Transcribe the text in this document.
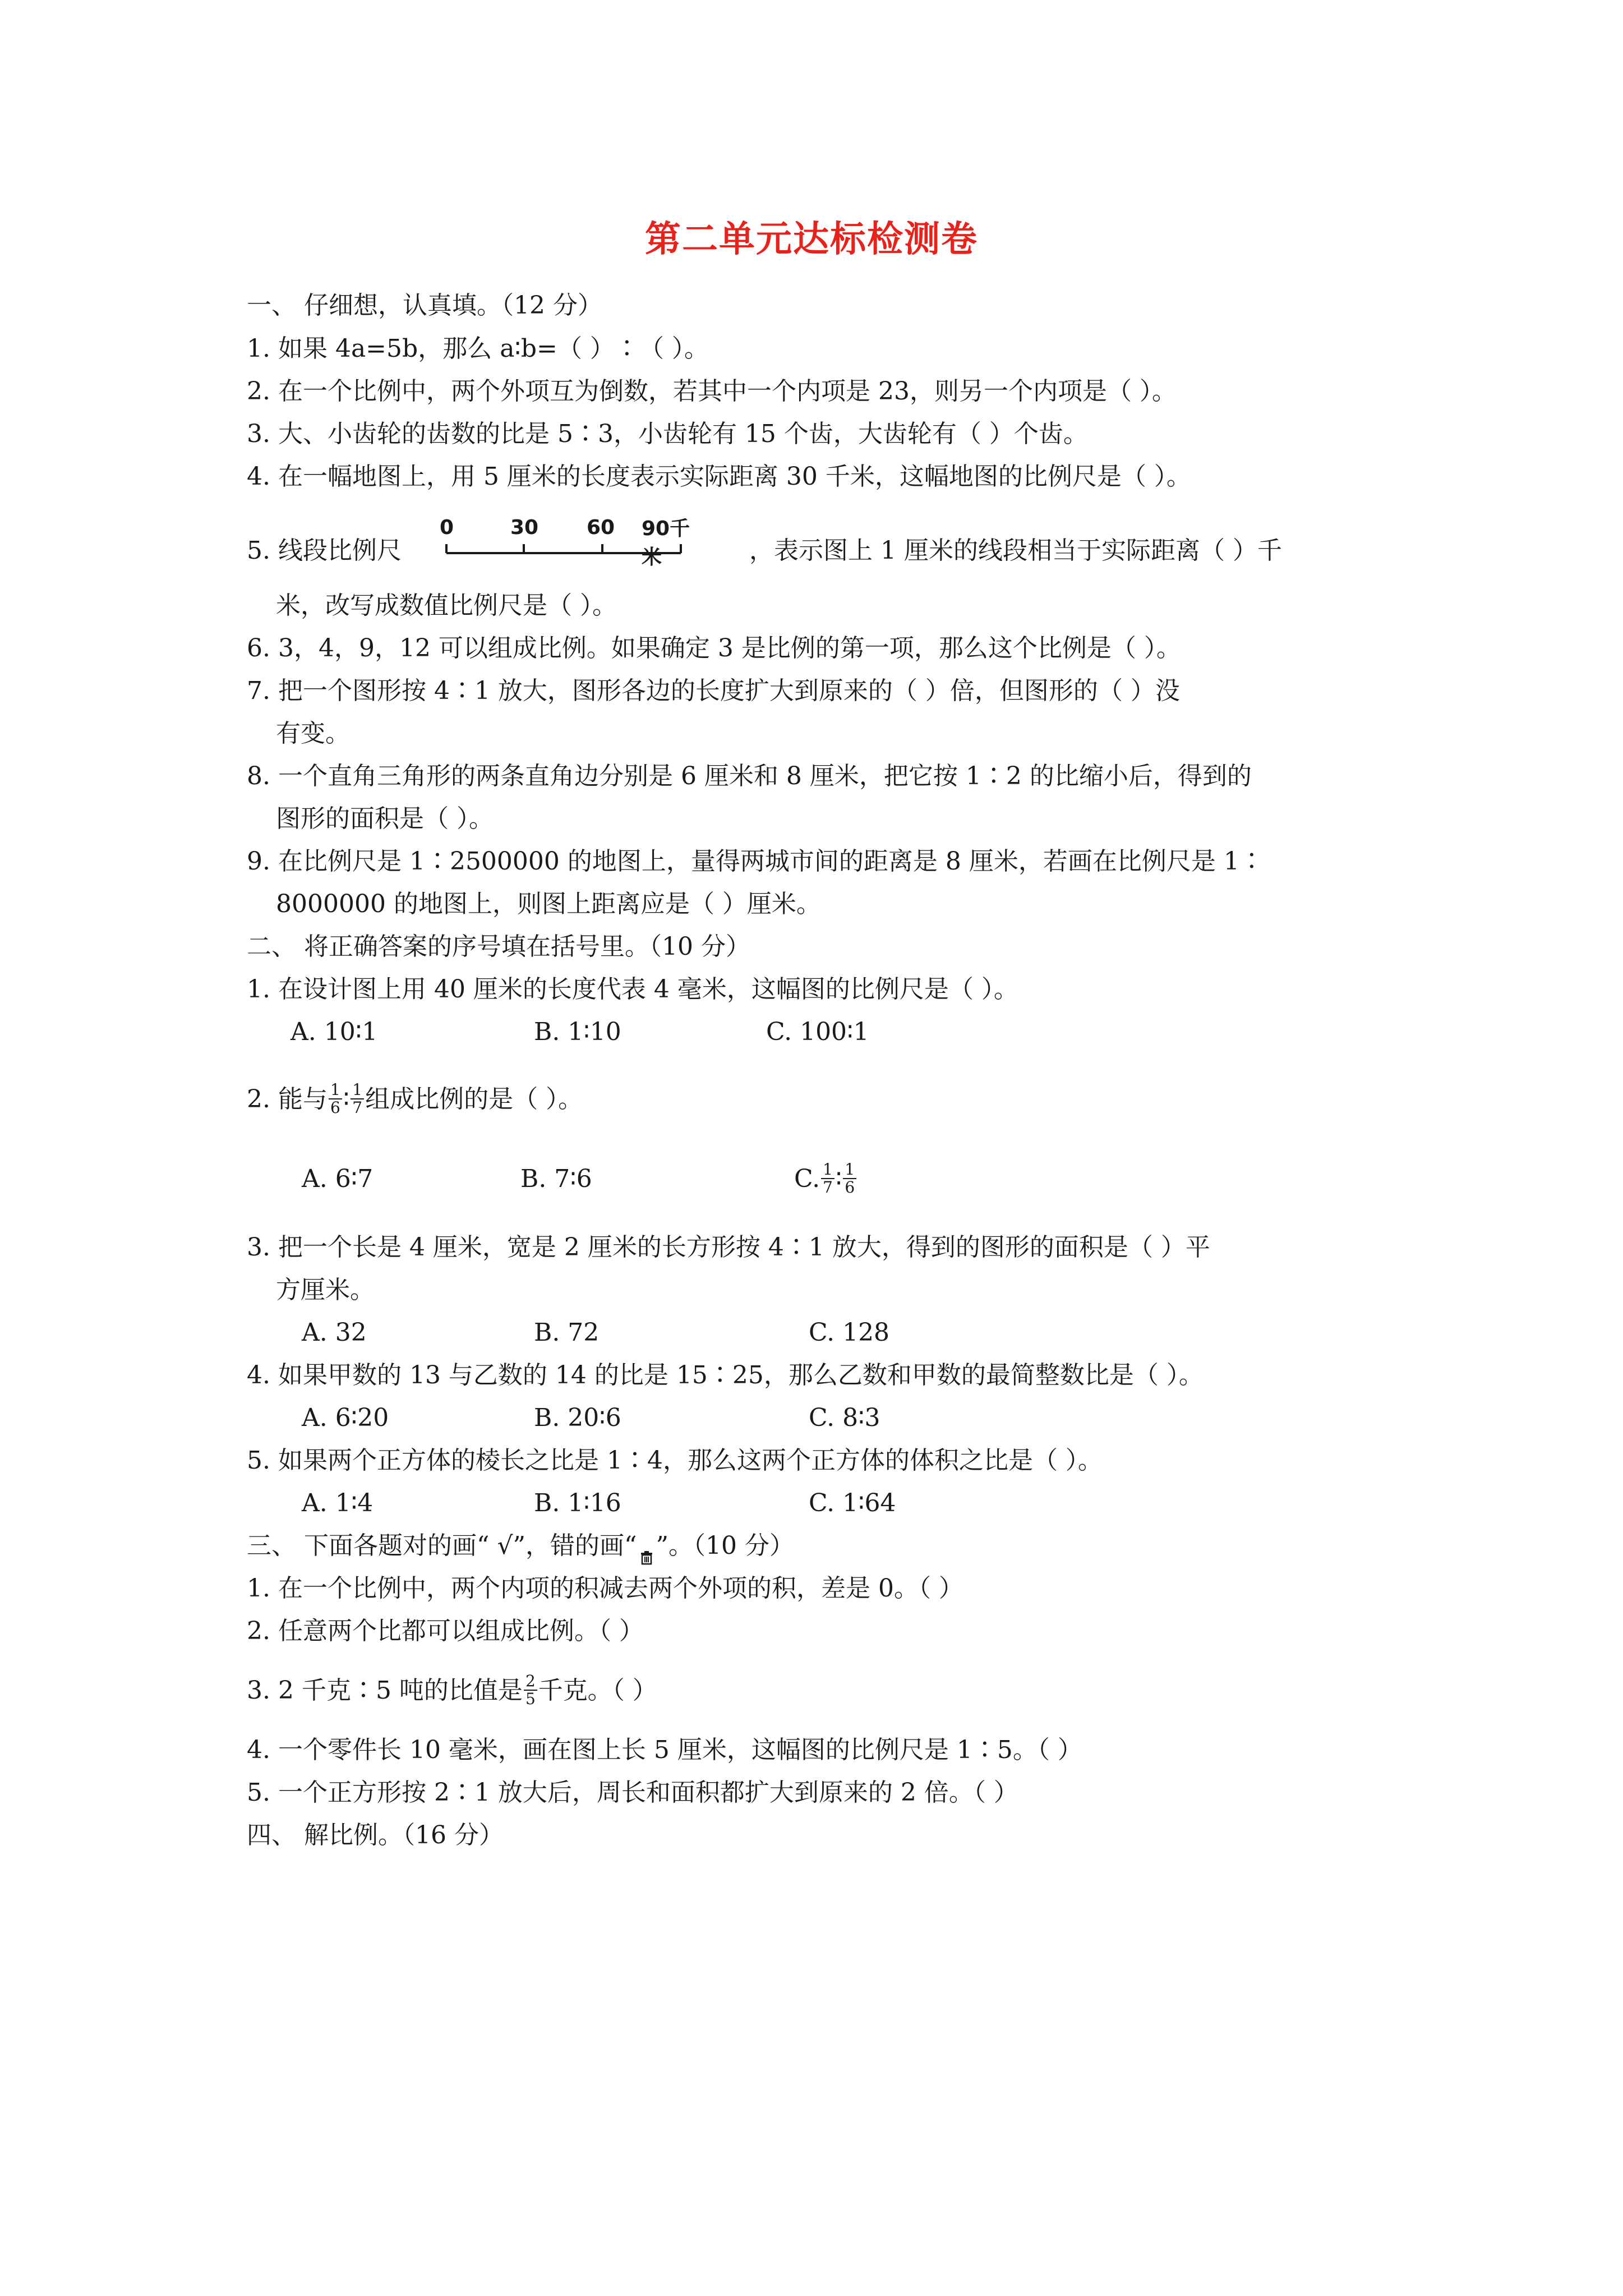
第二单元达标检测卷
一、 仔细想，认真填。（12 分）
1. 如果 4a=5b，那么 a∶b=（ ）∶（ ）。
2. 在一个比例中，两个外项互为倒数，若其中一个内项是 23，则另一个内项是（ ）。
3. 大、小齿轮的齿数的比是 5∶3，小齿轮有 15 个齿，大齿轮有（ ）个齿。
4. 在一幅地图上，用 5 厘米的长度表示实际距离 30 千米，这幅地图的比例尺是（ ）。
5. 线段比例尺
0	30 60 90千米	，表示图上 1 厘米的线段相当于实际距离（ ）千
米，改写成数值比例尺是（ ）。
6. 3，4，9，12 可以组成比例。如果确定 3 是比例的第一项，那么这个比例是（ ）。
7. 把一个图形按 4∶1 放大，图形各边的长度扩大到原来的（ ）倍，但图形的（ ）没
有变。
8. 一个直角三角形的两条直角边分别是 6 厘米和 8 厘米，把它按 1∶2 的比缩小后，得到的
图形的面积是（ ）。
9. 在比例尺是 1∶2500000 的地图上，量得两城市间的距离是 8 厘米，若画在比例尺是 1∶
8000000 的地图上，则图上距离应是（ ）厘米。
二、 将正确答案的序号填在括号里。（10 分）
1. 在设计图上用 40 厘米的长度代表 4 毫米，这幅图的比例尺是（ ）。
A. 10∶1	B. 1∶10	C. 100∶1
2. 能与 $\frac{1}{6}$ ∶ $\frac{1}{7}$ 组成比例的是（ ）。
A. 6∶7	B. 7∶6	C. $\frac{1}{7}$ ∶ $\frac{1}{6}$
3. 把一个长是 4 厘米，宽是 2 厘米的长方形按 4∶1 放大，得到的图形的面积是（ ）平
方厘米。
A. 32	B. 72	C. 128
4. 如果甲数的 13 与乙数的 14 的比是 15∶25，那么乙数和甲数的最简整数比是（ ）。
A. 6∶20	B. 20∶6	C. 8∶3
5. 如果两个正方体的棱长之比是 1∶4，那么这两个正方体的体积之比是（ ）。
A. 1∶4	B. 1∶16	C. 1∶64
三、 下面各题对的画“ √”，错的画“ ”。（10 分）
1. 在一个比例中，两个内项的积减去两个外项的积，差是 0。（ ）
2. 任意两个比都可以组成比例。（ ）
3. 2 千克∶5 吨的比值是 $\frac{2}{5}$ 千克。（ ）
4. 一个零件长 10 毫米，画在图上长 5 厘米，这幅图的比例尺是 1∶5。（ ）
5. 一个正方形按 2∶1 放大后，周长和面积都扩大到原来的 2 倍。（ ）
四、 解比例。（16 分）
